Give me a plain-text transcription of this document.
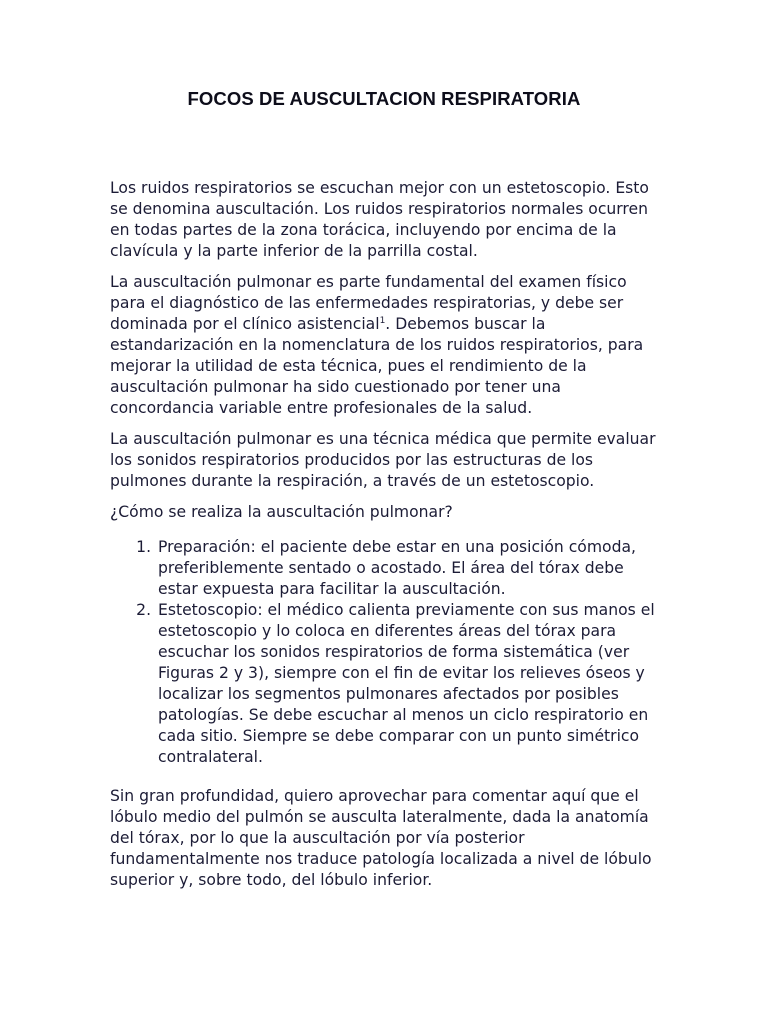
FOCOS DE AUSCULTACION RESPIRATORIA

Los ruidos respiratorios se escuchan mejor con un estetoscopio. Esto se denomina auscultación. Los ruidos respiratorios normales ocurren en todas partes de la zona torácica, incluyendo por encima de la clavícula y la parte inferior de la parrilla costal.

La auscultación pulmonar es parte fundamental del examen físico para el diagnóstico de las enfermedades respiratorias, y debe ser dominada por el clínico asistencial$^1$. Debemos buscar la estandarización en la nomenclatura de los ruidos respiratorios, para mejorar la utilidad de esta técnica, pues el rendimiento de la auscultación pulmonar ha sido cuestionado por tener una concordancia variable entre profesionales de la salud.

La auscultación pulmonar es una técnica médica que permite evaluar los sonidos respiratorios producidos por las estructuras de los pulmones durante la respiración, a través de un estetoscopio.

¿Cómo se realiza la auscultación pulmonar?

1. Preparación: el paciente debe estar en una posición cómoda, preferiblemente sentado o acostado. El área del tórax debe estar expuesta para facilitar la auscultación.
2. Estetoscopio: el médico calienta previamente con sus manos el estetoscopio y lo coloca en diferentes áreas del tórax para escuchar los sonidos respiratorios de forma sistemática (ver Figuras 2 y 3), siempre con el fin de evitar los relieves óseos y localizar los segmentos pulmonares afectados por posibles patologías. Se debe escuchar al menos un ciclo respiratorio en cada sitio. Siempre se debe comparar con un punto simétrico contralateral.

Sin gran profundidad, quiero aprovechar para comentar aquí que el lóbulo medio del pulmón se ausculta lateralmente, dada la anatomía del tórax, por lo que la auscultación por vía posterior fundamentalmente nos traduce patología localizada a nivel de lóbulo superior y, sobre todo, del lóbulo inferior.
